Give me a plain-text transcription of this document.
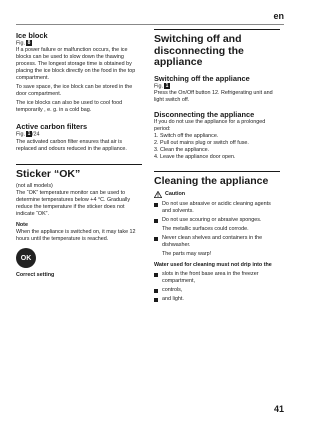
en
Ice block

Fig. 8

If a power failure or malfunction occurs, the ice blocks can be used to slow down the thawing process. The longest storage time is obtained by placing the ice block directly on the food in the top compartment.

To save space, the ice block can be stored in the door compartment.

The ice blocks can also be used to cool food temporarily , e. g. in a cold bag.

Active carbon filters

Fig. 1 /24

The activated carbon filter ensures that air is replaced and odours reduced in the appliance.

Sticker “OK”

(not all models)

The “OK” temperature monitor can be used to determine temperatures below +4 °C. Gradually reduce the temperature if the sticker does not indicate “OK”.

Note

When the appliance is switched on, it may take 12 hours until the temperature is reached.

OK

Correct setting

Switching off and disconnecting the appliance
Switching off the appliance

Fig. 1

Press the On/Off button 12. Refrigerating unit and light switch off.

Disconnecting the appliance

If you do not use the appliance for a prolonged period:

1. Switch off the appliance.
2. Pull out mains plug or switch off fuse.
3. Clean the appliance.
4. Leave the appliance door open.
Cleaning the appliance
Caution
Do not use abrasive or acidic cleaning agents and solvents.
Do not use scouring or abrasive sponges.
The metallic surfaces could corrode.
Never clean shelves and containers in the dishwasher.
The parts may warp!

Water used for cleaning must not drip into the

slots in the front base area in the freezer compartment,
controls,
and light.
41
